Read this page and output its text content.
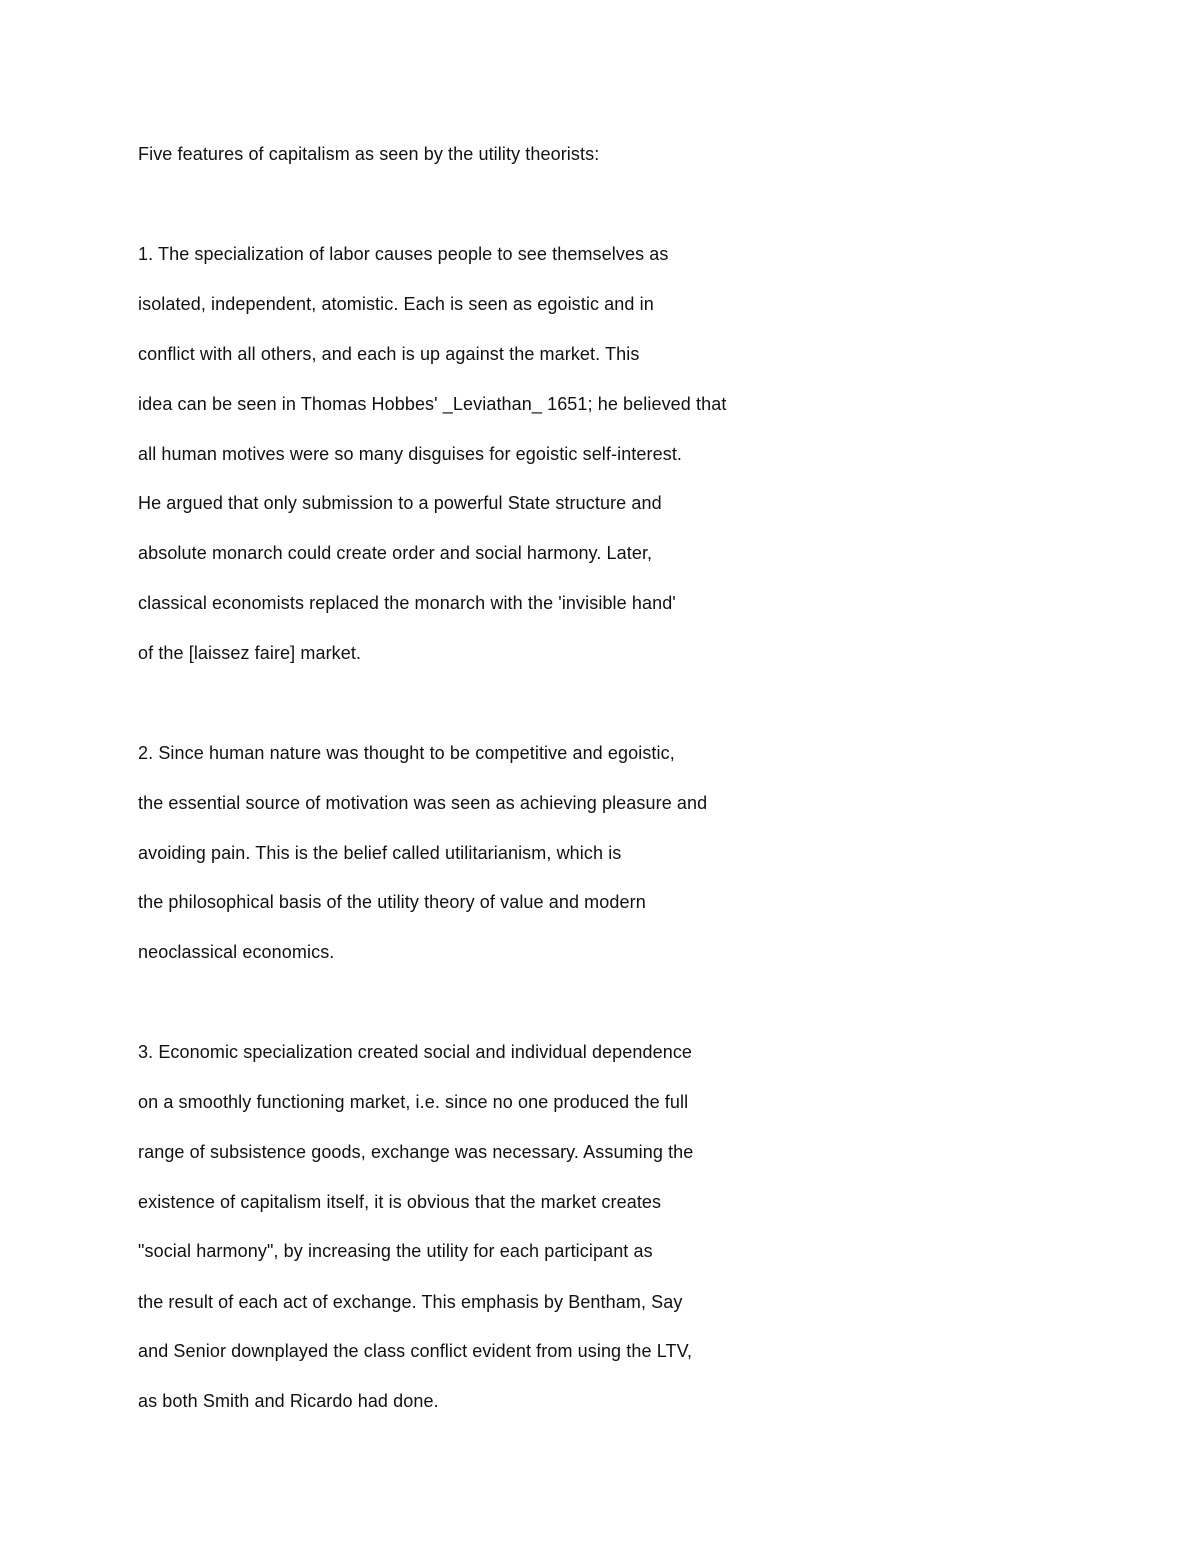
Five features of capitalism as seen by the utility theorists:
1. The specialization of labor causes people to see themselves as
isolated, independent, atomistic. Each is seen as egoistic and in
conflict with all others, and each is up against the market. This
idea can be seen in Thomas Hobbes' _Leviathan_ 1651; he believed that
all human motives were so many disguises for egoistic self-interest.
He argued that only submission to a powerful State structure and
absolute monarch could create order and social harmony. Later,
classical economists replaced the monarch with the 'invisible hand'
of the [laissez faire] market.
2. Since human nature was thought to be competitive and egoistic,
the essential source of motivation was seen as achieving pleasure and
avoiding pain. This is the belief called utilitarianism, which is
the philosophical basis of the utility theory of value and modern
neoclassical economics.
3. Economic specialization created social and individual dependence
on a smoothly functioning market, i.e. since no one produced the full
range of subsistence goods, exchange was necessary. Assuming the
existence of capitalism itself, it is obvious that the market creates
"social harmony", by increasing the utility for each participant as
the result of each act of exchange. This emphasis by Bentham, Say
and Senior downplayed the class conflict evident from using the LTV,
as both Smith and Ricardo had done.
